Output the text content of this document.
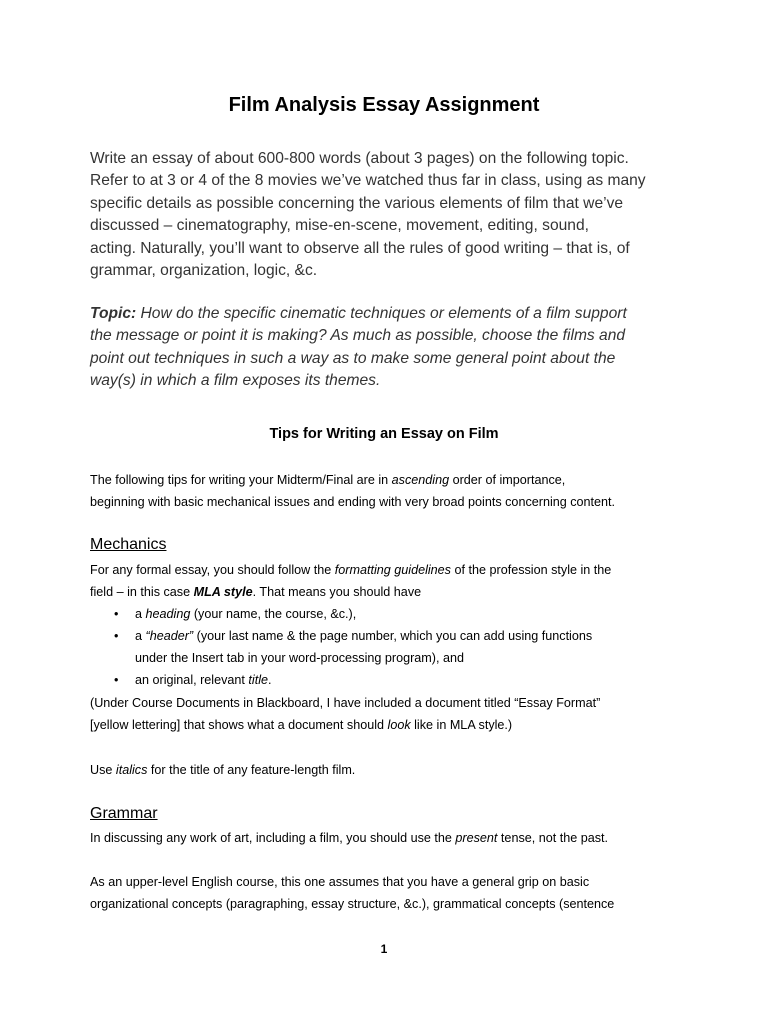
Film Analysis Essay Assignment
Write an essay of about 600-800 words (about 3 pages) on the following topic.
Refer to at 3 or 4 of the 8 movies we’ve watched thus far in class, using as many
specific details as possible concerning the various elements of film that we’ve
discussed – cinematography, mise-en-scene, movement, editing, sound,
acting. Naturally, you’ll want to observe all the rules of good writing – that is, of
grammar, organization, logic, &c.
Topic: How do the specific cinematic techniques or elements of a film support
the message or point it is making? As much as possible, choose the films and
point out techniques in such a way as to make some general point about the
way(s) in which a film exposes its themes.
Tips for Writing an Essay on Film
The following tips for writing your Midterm/Final are in ascending order of importance,
beginning with basic mechanical issues and ending with very broad points concerning content.
Mechanics
For any formal essay, you should follow the formatting guidelines of the profession style in the
field – in this case MLA style. That means you should have
• a heading (your name, the course, &c.),
• a “header” (your last name & the page number, which you can add using functions
under the Insert tab in your word-processing program), and
• an original, relevant title.
(Under Course Documents in Blackboard, I have included a document titled “Essay Format”
[yellow lettering] that shows what a document should look like in MLA style.)
Use italics for the title of any feature-length film.
Grammar
In discussing any work of art, including a film, you should use the present tense, not the past.
As an upper-level English course, this one assumes that you have a general grip on basic
organizational concepts (paragraphing, essay structure, &c.), grammatical concepts (sentence
1
